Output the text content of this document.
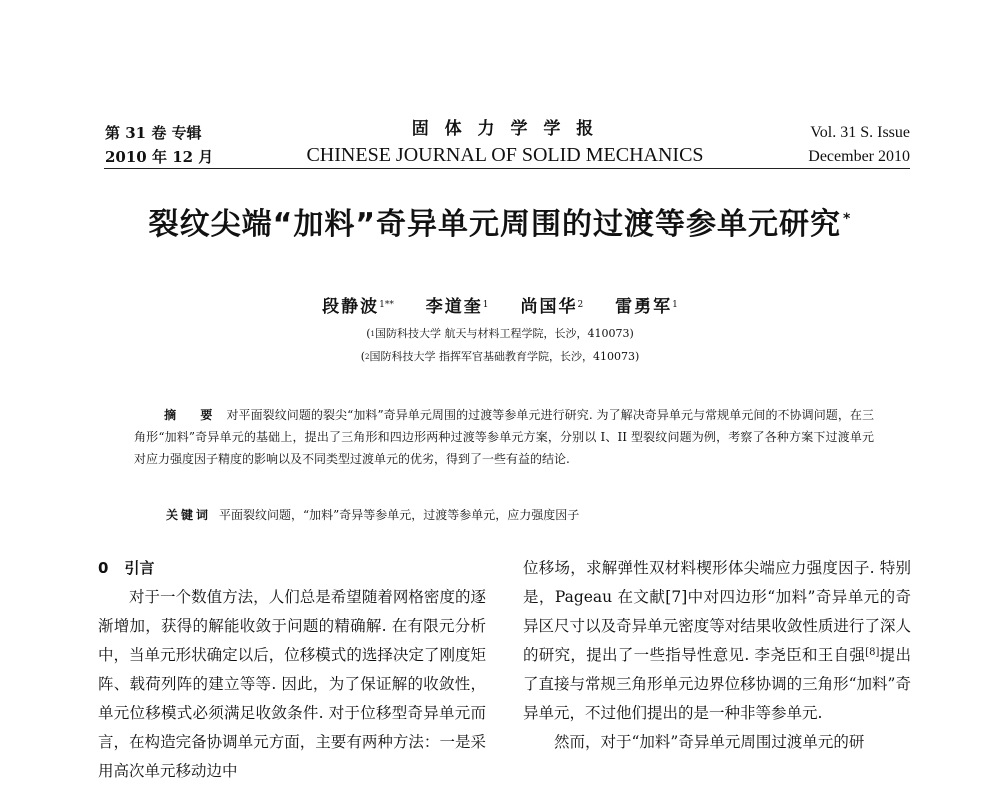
第 31 卷 专辑
2010 年 12 月
固 体 力 学 学 报
CHINESE JOURNAL OF SOLID MECHANICS
Vol. 31 S. Issue
December 2010
裂纹尖端“加料”奇异单元周围的过渡等参单元研究 *
段静波$^{1**}$ 李道奎$^1$ 尚国华$^2$ 雷勇军$^1$
($^1$国防科技大学 航天与材料工程学院，长沙，410073)
($^2$国防科技大学 指挥军官基础教育学院，长沙，410073)
摘 要 对平面裂纹问题的裂尖“加料”奇异单元周围的过渡等参单元进行研究. 为了解决奇异单元与常规单元间的不协调问题，在三角形“加料”奇异单元的基础上，提出了三角形和四边形两种过渡等参单元方案，分别以 I、II 型裂纹问题为例，考察了各种方案下过渡单元对应力强度因子精度的影响以及不同类型过渡单元的优劣，得到了一些有益的结论.
关键词 平面裂纹问题，“加料”奇异等参单元，过渡等参单元，应力强度因子

0 引言

对于一个数值方法，人们总是希望随着网格密度的逐渐增加，获得的解能收敛于问题的精确解. 在有限元分析中，当单元形状确定以后，位移模式的选择决定了刚度矩阵、载荷列阵的建立等等. 因此，为了保证解的收敛性，单元位移模式必须满足收敛条件. 对于位移型奇异单元而言，在构造完备协调单元方面，主要有两种方法：一是采用高次单元移动边中

位移场，求解弹性双材料楔形体尖端应力强度因子. 特别是，Pageau 在文献[7]中对四边形“加料”奇异单元的奇异区尺寸以及奇异单元密度等对结果收敛性质进行了深人的研究，提出了一些指导性意见. 李尧臣和王自强[8]提出了直接与常规三角形单元边界位移协调的三角形“加料”奇异单元，不过他们提出的是一种非等参单元.

然而，对于“加料”奇异单元周围过渡单元的研
